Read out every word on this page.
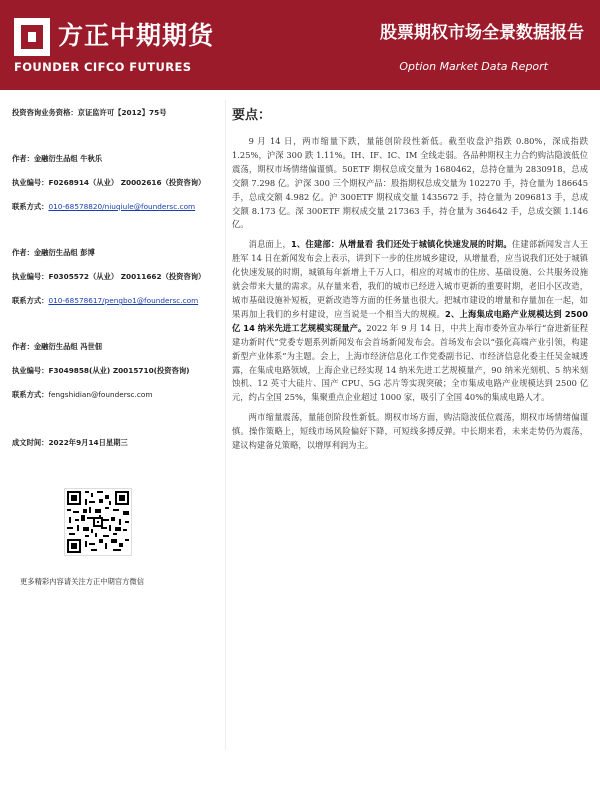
方正中期期货
FOUNDER CIFCO FUTURES
股票期权市场全景数据报告
Option Market Data Report
投资咨询业务资格：京证监许可【2012】75号
作者：金融衍生品组 牛秋乐
执业编号：F0268914（从业） Z0002616（投资咨询）
联系方式：010-68578820/niuqiule@foundersc.com
作者：金融衍生品组 彭博
执业编号：F0305572（从业） Z0011662（投资咨询）
联系方式：010-68578617/pengbo1@foundersc.com
作者：金融衍生品组 冯世佃
执业编号：F3049858(从业) Z0015710(投资咨询)
联系方式：fengshidian@foundersc.com
成文时间：2022年9月14日星期三
更多精彩内容请关注方正中期官方微信
要点：

9 月 14 日，两市缩量下跌，量能创阶段性新低。截至收盘沪指跌 0.80%，深成指跌 1.25%，沪深 300 跌 1.11%。IH、IF、IC、IM 全线走弱。各品种期权主力合约购沽隐波低位震荡，期权市场情绪偏谨慎。50ETF 期权总成交量为 1680462，总持仓量为 2830918，总成交额 7.298 亿。沪深 300 三个期权产品：股指期权总成交量为 102270 手，持仓量为 186645 手，总成交额 4.982 亿。沪 300ETF 期权成交量 1435672 手，持仓量为 2096813 手，总成交额 8.173 亿。深 300ETF 期权成交量 217363 手，持仓量为 364642 手，总成交额 1.146 亿。

消息面上，1、住建部：从增量看 我们还处于城镇化快速发展的时期。住建部新闻发言人王胜军 14 日在新闻发布会上表示，讲到下一步的住房城乡建设，从增量看，应当说我们还处于城镇化快速发展的时期，城镇每年新增上千万人口，相应的对城市的住房、基础设施、公共服务设施就会带来大量的需求。从存量来看，我们的城市已经进入城市更新的重要时期，老旧小区改造，城市基础设施补短板，更新改造等方面的任务量也很大。把城市建设的增量和存量加在一起，如果再加上我们的乡村建设，应当说是一个相当大的规模。2、上海集成电路产业规模达到 2500 亿 14 纳米先进工艺规模实现量产。2022 年 9 月 14 日，中共上海市委外宣办举行“奋进新征程建功新时代”党委专题系列新闻发布会首场新闻发布会。首场发布会以“强化高端产业引领，构建新型产业体系”为主题。会上，上海市经济信息化工作党委副书记、市经济信息化委主任吴金城透露，在集成电路领域，上海企业已经实现 14 纳米先进工艺规模量产，90 纳米光刻机、5 纳米刻蚀机、12 英寸大硅片、国产 CPU、5G 芯片等实现突破；全市集成电路产业规模达到 2500 亿元，约占全国 25%，集聚重点企业超过 1000 家，吸引了全国 40%的集成电路人才。

两市缩量震荡，量能创阶段性新低。期权市场方面，购沽隐波低位震荡，期权市场情绪偏谨慎。操作策略上，短线市场风险偏好下降，可短线多搏反弹。中长期来看，未来走势仍为震荡，建议构建备兑策略，以增厚利润为主。
